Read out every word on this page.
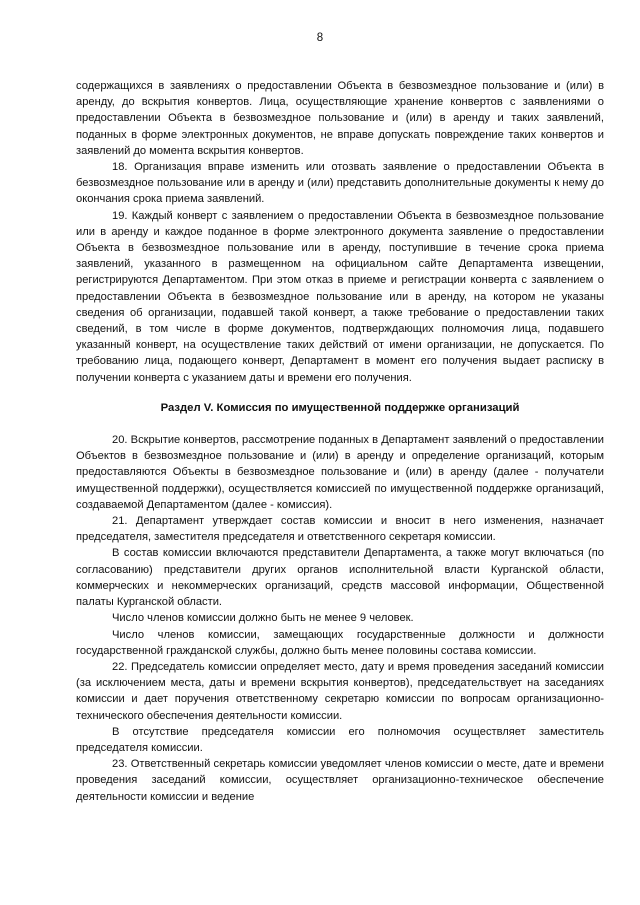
8

содержащихся в заявлениях о предоставлении Объекта в безвозмездное пользование и (или) в аренду, до вскрытия конвертов. Лица, осуществляющие хранение конвертов с заявлениями о предоставлении Объекта в безвозмездное пользование и (или) в аренду и таких заявлений, поданных в форме электронных документов, не вправе допускать повреждение таких конвертов и заявлений до момента вскрытия конвертов.

18. Организация вправе изменить или отозвать заявление о предоставлении Объекта в безвозмездное пользование или в аренду и (или) представить дополнительные документы к нему до окончания срока приема заявлений.

19. Каждый конверт с заявлением о предоставлении Объекта в безвозмездное пользование или в аренду и каждое поданное в форме электронного документа заявление о предоставлении Объекта в безвозмездное пользование или в аренду, поступившие в течение срока приема заявлений, указанного в размещенном на официальном сайте Департамента извещении, регистрируются Департаментом. При этом отказ в приеме и регистрации конверта с заявлением о предоставлении Объекта в безвозмездное пользование или в аренду, на котором не указаны сведения об организации, подавшей такой конверт, а также требование о предоставлении таких сведений, в том числе в форме документов, подтверждающих полномочия лица, подавшего указанный конверт, на осуществление таких действий от имени организации, не допускается. По требованию лица, подающего конверт, Департамент в момент его получения выдает расписку в получении конверта с указанием даты и времени его получения.

Раздел V. Комиссия по имущественной поддержке организаций

20. Вскрытие конвертов, рассмотрение поданных в Департамент заявлений о предоставлении Объектов в безвозмездное пользование и (или) в аренду и определение организаций, которым предоставляются Объекты в безвозмездное пользование и (или) в аренду (далее - получатели имущественной поддержки), осуществляется комиссией по имущественной поддержке организаций, создаваемой Департаментом (далее - комиссия).

21. Департамент утверждает состав комиссии и вносит в него изменения, назначает председателя, заместителя председателя и ответственного секретаря комиссии.

В состав комиссии включаются представители Департамента, а также могут включаться (по согласованию) представители других органов исполнительной власти Курганской области, коммерческих и некоммерческих организаций, средств массовой информации, Общественной палаты Курганской области.

Число членов комиссии должно быть не менее 9 человек.

Число членов комиссии, замещающих государственные должности и должности государственной гражданской службы, должно быть менее половины состава комиссии.

22. Председатель комиссии определяет место, дату и время проведения заседаний комиссии (за исключением места, даты и времени вскрытия конвертов), председательствует на заседаниях комиссии и дает поручения ответственному секретарю комиссии по вопросам организационно-технического обеспечения деятельности комиссии.

В отсутствие председателя комиссии его полномочия осуществляет заместитель председателя комиссии.

23. Ответственный секретарь комиссии уведомляет членов комиссии о месте, дате и времени проведения заседаний комиссии, осуществляет организационно-техническое обеспечение деятельности комиссии и ведение
